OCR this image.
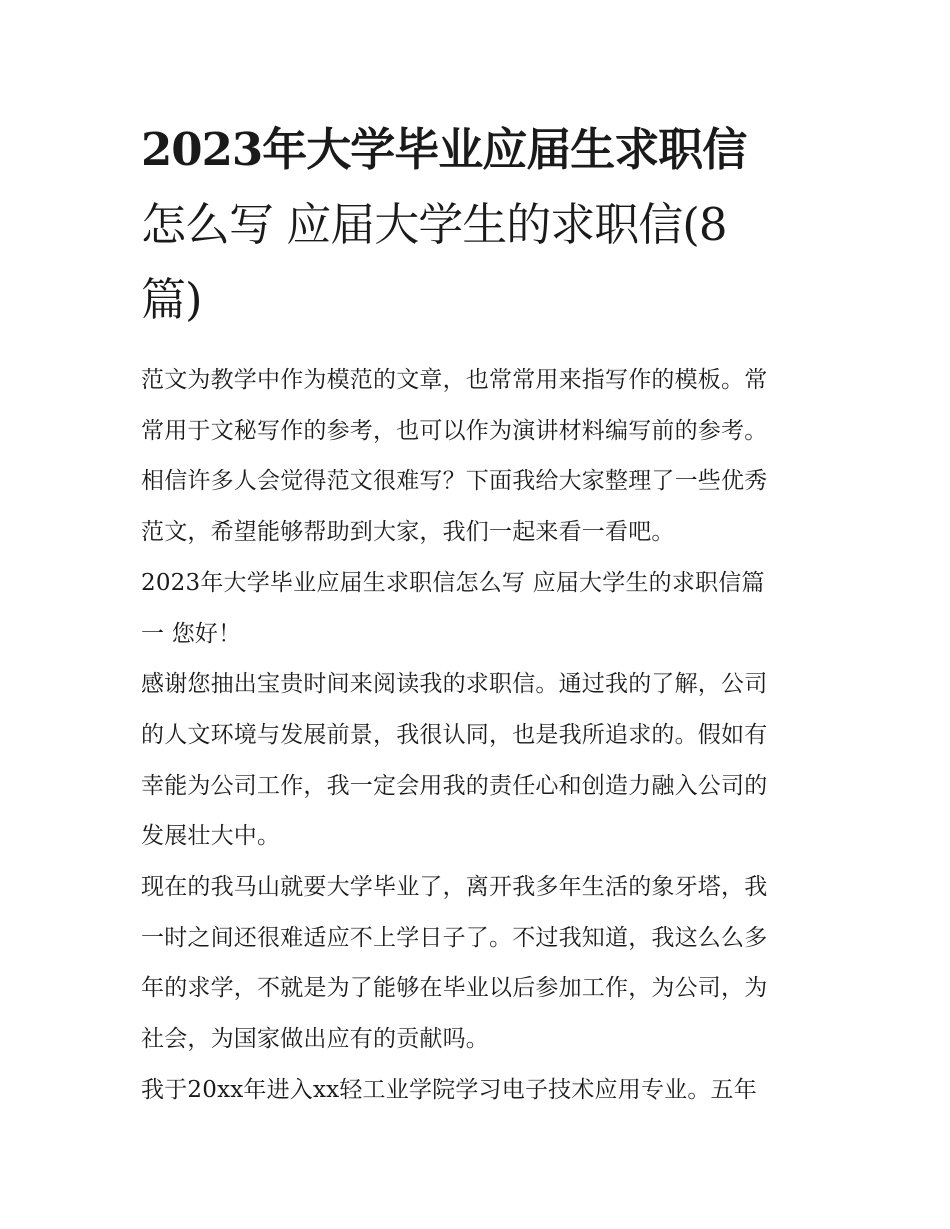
2023年大学毕业应届生求职信
怎么写 应届大学生的求职信(8
篇)

范文为教学中作为模范的文章，也常常用来指写作的模板。常
常用于文秘写作的参考，也可以作为演讲材料编写前的参考。
相信许多人会觉得范文很难写？下面我给大家整理了一些优秀
范文，希望能够帮助到大家，我们一起来看一看吧。

2023年大学毕业应届生求职信怎么写 应届大学生的求职信篇
一 您好！

感谢您抽出宝贵时间来阅读我的求职信。通过我的了解，公司
的人文环境与发展前景，我很认同，也是我所追求的。假如有
幸能为公司工作，我一定会用我的责任心和创造力融入公司的
发展壮大中。

现在的我马山就要大学毕业了，离开我多年生活的象牙塔，我
一时之间还很难适应不上学日子了。不过我知道，我这么么多
年的求学，不就是为了能够在毕业以后参加工作，为公司，为
社会，为国家做出应有的贡献吗。

我于20xx年进入xx轻工业学院学习电子技术应用专业。五年
